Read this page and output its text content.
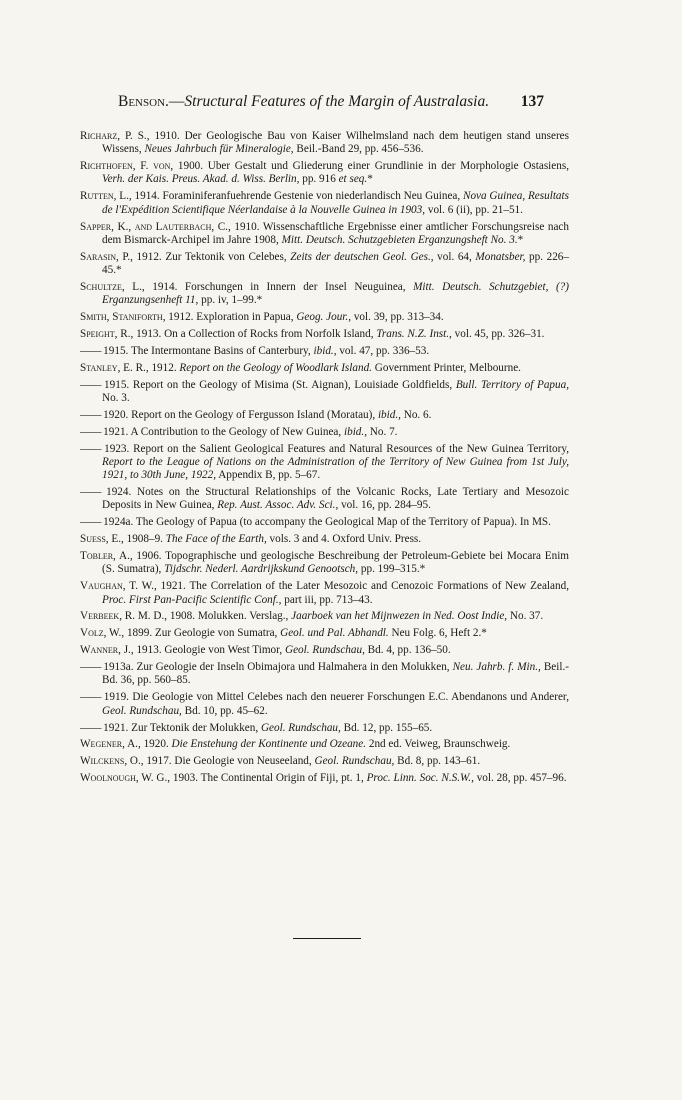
Benson.—Structural Features of the Margin of Australasia. 137

Richarz, P. S., 1910. Der Geologische Bau von Kaiser Wilhelmsland nach dem heutigen stand unseres Wissens, Neues Jahrbuch für Mineralogie, Beil.-Band 29, pp. 456–536.

Richthofen, F. von, 1900. Uber Gestalt und Gliederung einer Grundlinie in der Morphologie Ostasiens, Verh. der Kais. Preus. Akad. d. Wiss. Berlin, pp. 916 et seq.*

Rutten, L., 1914. Foraminiferanfuehrende Gestenie von niederlandisch Neu Guinea, Nova Guinea, Resultats de l'Expédition Scientifique Néerlandaise à la Nouvelle Guinea in 1903, vol. 6 (ii), pp. 21–51.

Sapper, K., and Lauterbach, C., 1910. Wissenschaftliche Ergebnisse einer amtlicher Forschungsreise nach dem Bismarck-Archipel im Jahre 1908, Mitt. Deutsch. Schutzgebieten Erganzungsheft No. 3.*

Sarasin, P., 1912. Zur Tektonik von Celebes, Zeits der deutschen Geol. Ges., vol. 64, Monatsber, pp. 226–45.*

Schultze, L., 1914. Forschungen in Innern der Insel Neuguinea, Mitt. Deutsch. Schutzgebiet, (?) Erganzungsenheft 11, pp. iv, 1–99.*

Smith, Staniforth, 1912. Exploration in Papua, Geog. Jour., vol. 39, pp. 313–34.

Speight, R., 1913. On a Collection of Rocks from Norfolk Island, Trans. N.Z. Inst., vol. 45, pp. 326–31.

—— 1915. The Intermontane Basins of Canterbury, ibid., vol. 47, pp. 336–53.

Stanley, E. R., 1912. Report on the Geology of Woodlark Island. Government Printer, Melbourne.

—— 1915. Report on the Geology of Misima (St. Aignan), Louisiade Goldfields, Bull. Territory of Papua, No. 3.

—— 1920. Report on the Geology of Fergusson Island (Moratau), ibid., No. 6.

—— 1921. A Contribution to the Geology of New Guinea, ibid., No. 7.

—— 1923. Report on the Salient Geological Features and Natural Resources of the New Guinea Territory, Report to the League of Nations on the Administration of the Territory of New Guinea from 1st July, 1921, to 30th June, 1922, Appendix B, pp. 5–67.

—— 1924. Notes on the Structural Relationships of the Volcanic Rocks, Late Tertiary and Mesozoic Deposits in New Guinea, Rep. Aust. Assoc. Adv. Sci., vol. 16, pp. 284–95.

—— 1924a. The Geology of Papua (to accompany the Geological Map of the Territory of Papua). In MS.

Suess, E., 1908–9. The Face of the Earth, vols. 3 and 4. Oxford Univ. Press.

Tobler, A., 1906. Topographische und geologische Beschreibung der Petroleum-Gebiete bei Mocara Enim (S. Sumatra), Tijdschr. Nederl. Aardrijkskund Genootsch, pp. 199–315.*

Vaughan, T. W., 1921. The Correlation of the Later Mesozoic and Cenozoic Formations of New Zealand, Proc. First Pan-Pacific Scientific Conf., part iii, pp. 713–43.

Verbeek, R. M. D., 1908. Molukken. Verslag., Jaarboek van het Mijnwezen in Ned. Oost Indie, No. 37.

Volz, W., 1899. Zur Geologie von Sumatra, Geol. und Pal. Abhandl. Neu Folg. 6, Heft 2.*

Wanner, J., 1913. Geologie von West Timor, Geol. Rundschau, Bd. 4, pp. 136–50.

—— 1913a. Zur Geologie der Inseln Obimajora und Halmahera in den Molukken, Neu. Jahrb. f. Min., Beil.-Bd. 36, pp. 560–85.

—— 1919. Die Geologie von Mittel Celebes nach den neuerer Forschungen E.C. Abendanons und Anderer, Geol. Rundschau, Bd. 10, pp. 45–62.

—— 1921. Zur Tektonik der Molukken, Geol. Rundschau, Bd. 12, pp. 155–65.

Wegener, A., 1920. Die Enstehung der Kontinente und Ozeane. 2nd ed. Veiweg, Braunschweig.

Wilckens, O., 1917. Die Geologie von Neuseeland, Geol. Rundschau, Bd. 8, pp. 143–61.

Woolnough, W. G., 1903. The Continental Origin of Fiji, pt. 1, Proc. Linn. Soc. N.S.W., vol. 28, pp. 457–96.
